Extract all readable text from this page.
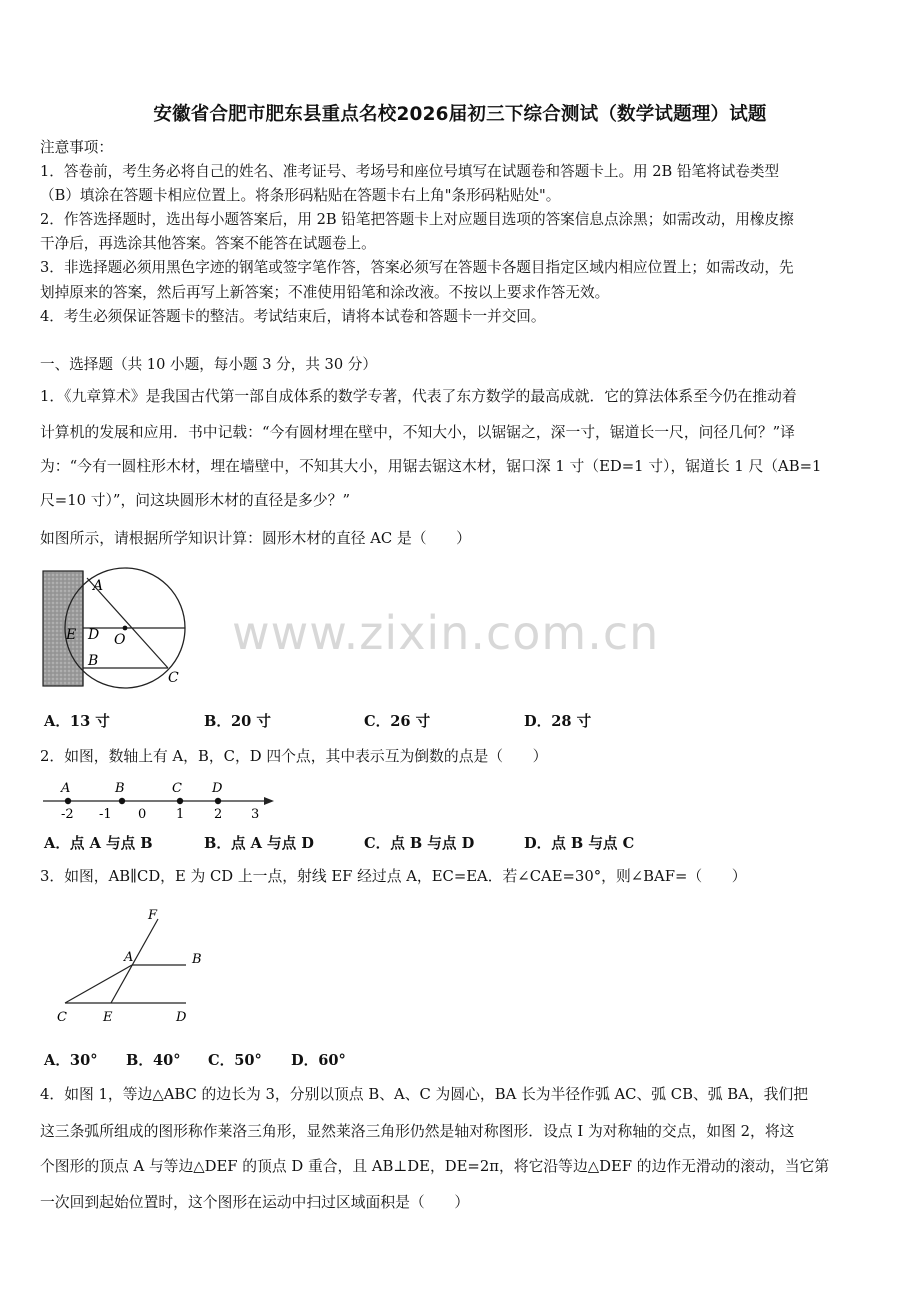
安徽省合肥市肥东县重点名校2026届初三下综合测试（数学试题理）试题
注意事项：
1．答卷前，考生务必将自己的姓名、准考证号、考场号和座位号填写在试题卷和答题卡上。用 2B 铅笔将试卷类型
（B）填涂在答题卡相应位置上。将条形码粘贴在答题卡右上角"条形码粘贴处"。
2．作答选择题时，选出每小题答案后，用 2B 铅笔把答题卡上对应题目选项的答案信息点涂黑；如需改动，用橡皮擦
干净后，再选涂其他答案。答案不能答在试题卷上。
3．非选择题必须用黑色字迹的钢笔或签字笔作答，答案必须写在答题卡各题目指定区域内相应位置上；如需改动，先
划掉原来的答案，然后再写上新答案；不准使用铅笔和涂改液。不按以上要求作答无效。
4．考生必须保证答题卡的整洁。考试结束后，请将本试卷和答题卡一并交回。
一、选择题（共 10 小题，每小题 3 分，共 30 分）
1．《九章算术》是我国古代第一部自成体系的数学专著，代表了东方数学的最高成就．它的算法体系至今仍在推动着
计算机的发展和应用．书中记载：“今有圆材埋在壁中，不知大小，以锯锯之，深一寸，锯道长一尺，问径几何？”译
为：“今有一圆柱形木材，埋在墙壁中，不知其大小，用锯去锯这木材，锯口深 1 寸（ED=1 寸），锯道长 1 尺（AB=1
尺=10 寸）”，问这块圆形木材的直径是多少？”
如图所示，请根据所学知识计算：圆形木材的直径 AC 是（　　）
A
E D O
B
C
www.zixin.com.cn
A．13 寸	B．20 寸	C．26 寸	D．28 寸
2．如图，数轴上有 A，B，C，D 四个点，其中表示互为倒数的点是（　　）
A	B	C D
-2 -1 0 1 2 3
A．点 A 与点 B	B．点 A 与点 D	C．点 B 与点 D	D．点 B 与点 C
3．如图，AB∥CD，E 为 CD 上一点，射线 EF 经过点 A，EC=EA．若∠CAE=30°，则∠BAF=（　　）
F
A	B
C	E	D
A．30° B．40° C．50° D．60°
4．如图 1，等边△ABC 的边长为 3，分别以顶点 B、A、C 为圆心，BA 长为半径作弧 AC、弧 CB、弧 BA，我们把
这三条弧所组成的图形称作莱洛三角形，显然莱洛三角形仍然是轴对称图形．设点 I 为对称轴的交点，如图 2，将这
个图形的顶点 A 与等边△DEF 的顶点 D 重合，且 AB⊥DE，DE=2π，将它沿等边△DEF 的边作无滑动的滚动，当它第
一次回到起始位置时，这个图形在运动中扫过区域面积是（　　）
